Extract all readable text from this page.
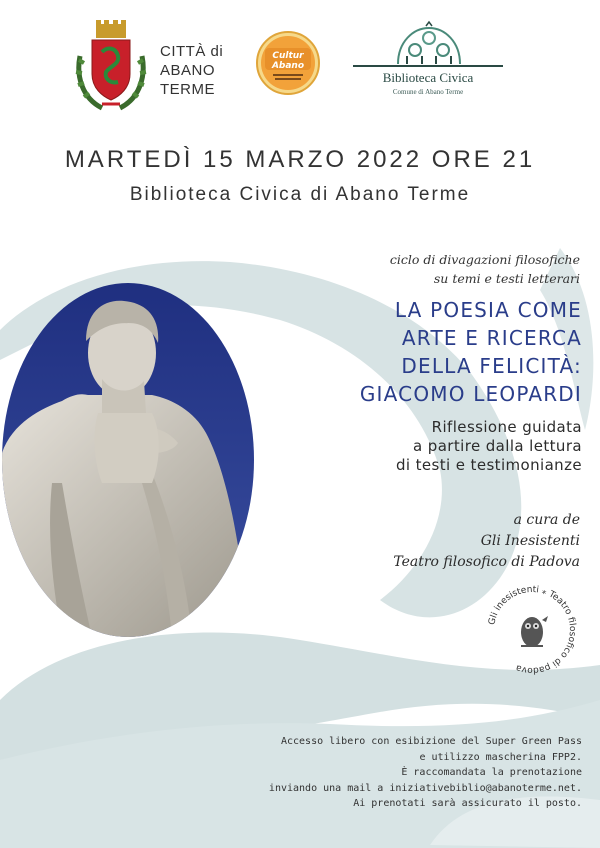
CITTÀ di
ABANO
TERME
Cultur
Abano
Biblioteca Civica
Comune di Abano Terme
MARTEDÌ 15 MARZO 2022 ORE 21
Biblioteca Civica di Abano Terme
ciclo di divagazioni filosofiche
su temi e testi letterari
LA POESIA COME
ARTE E RICERCA
DELLA FELICITÀ:
GIACOMO LEOPARDI
Riflessione guidata
a partire dalla lettura
di testi e testimonianze
a cura de
Gli Inesistenti
Teatro filosofico di Padova
Gli inesistenti ⁎ Teatro filosofico di padova
Accesso libero con esibizione del Super Green Pass
e utilizzo mascherina FPP2.
È raccomandata la prenotazione
inviando una mail a iniziativebiblio@abanoterme.net.
Ai prenotati sarà assicurato il posto.
